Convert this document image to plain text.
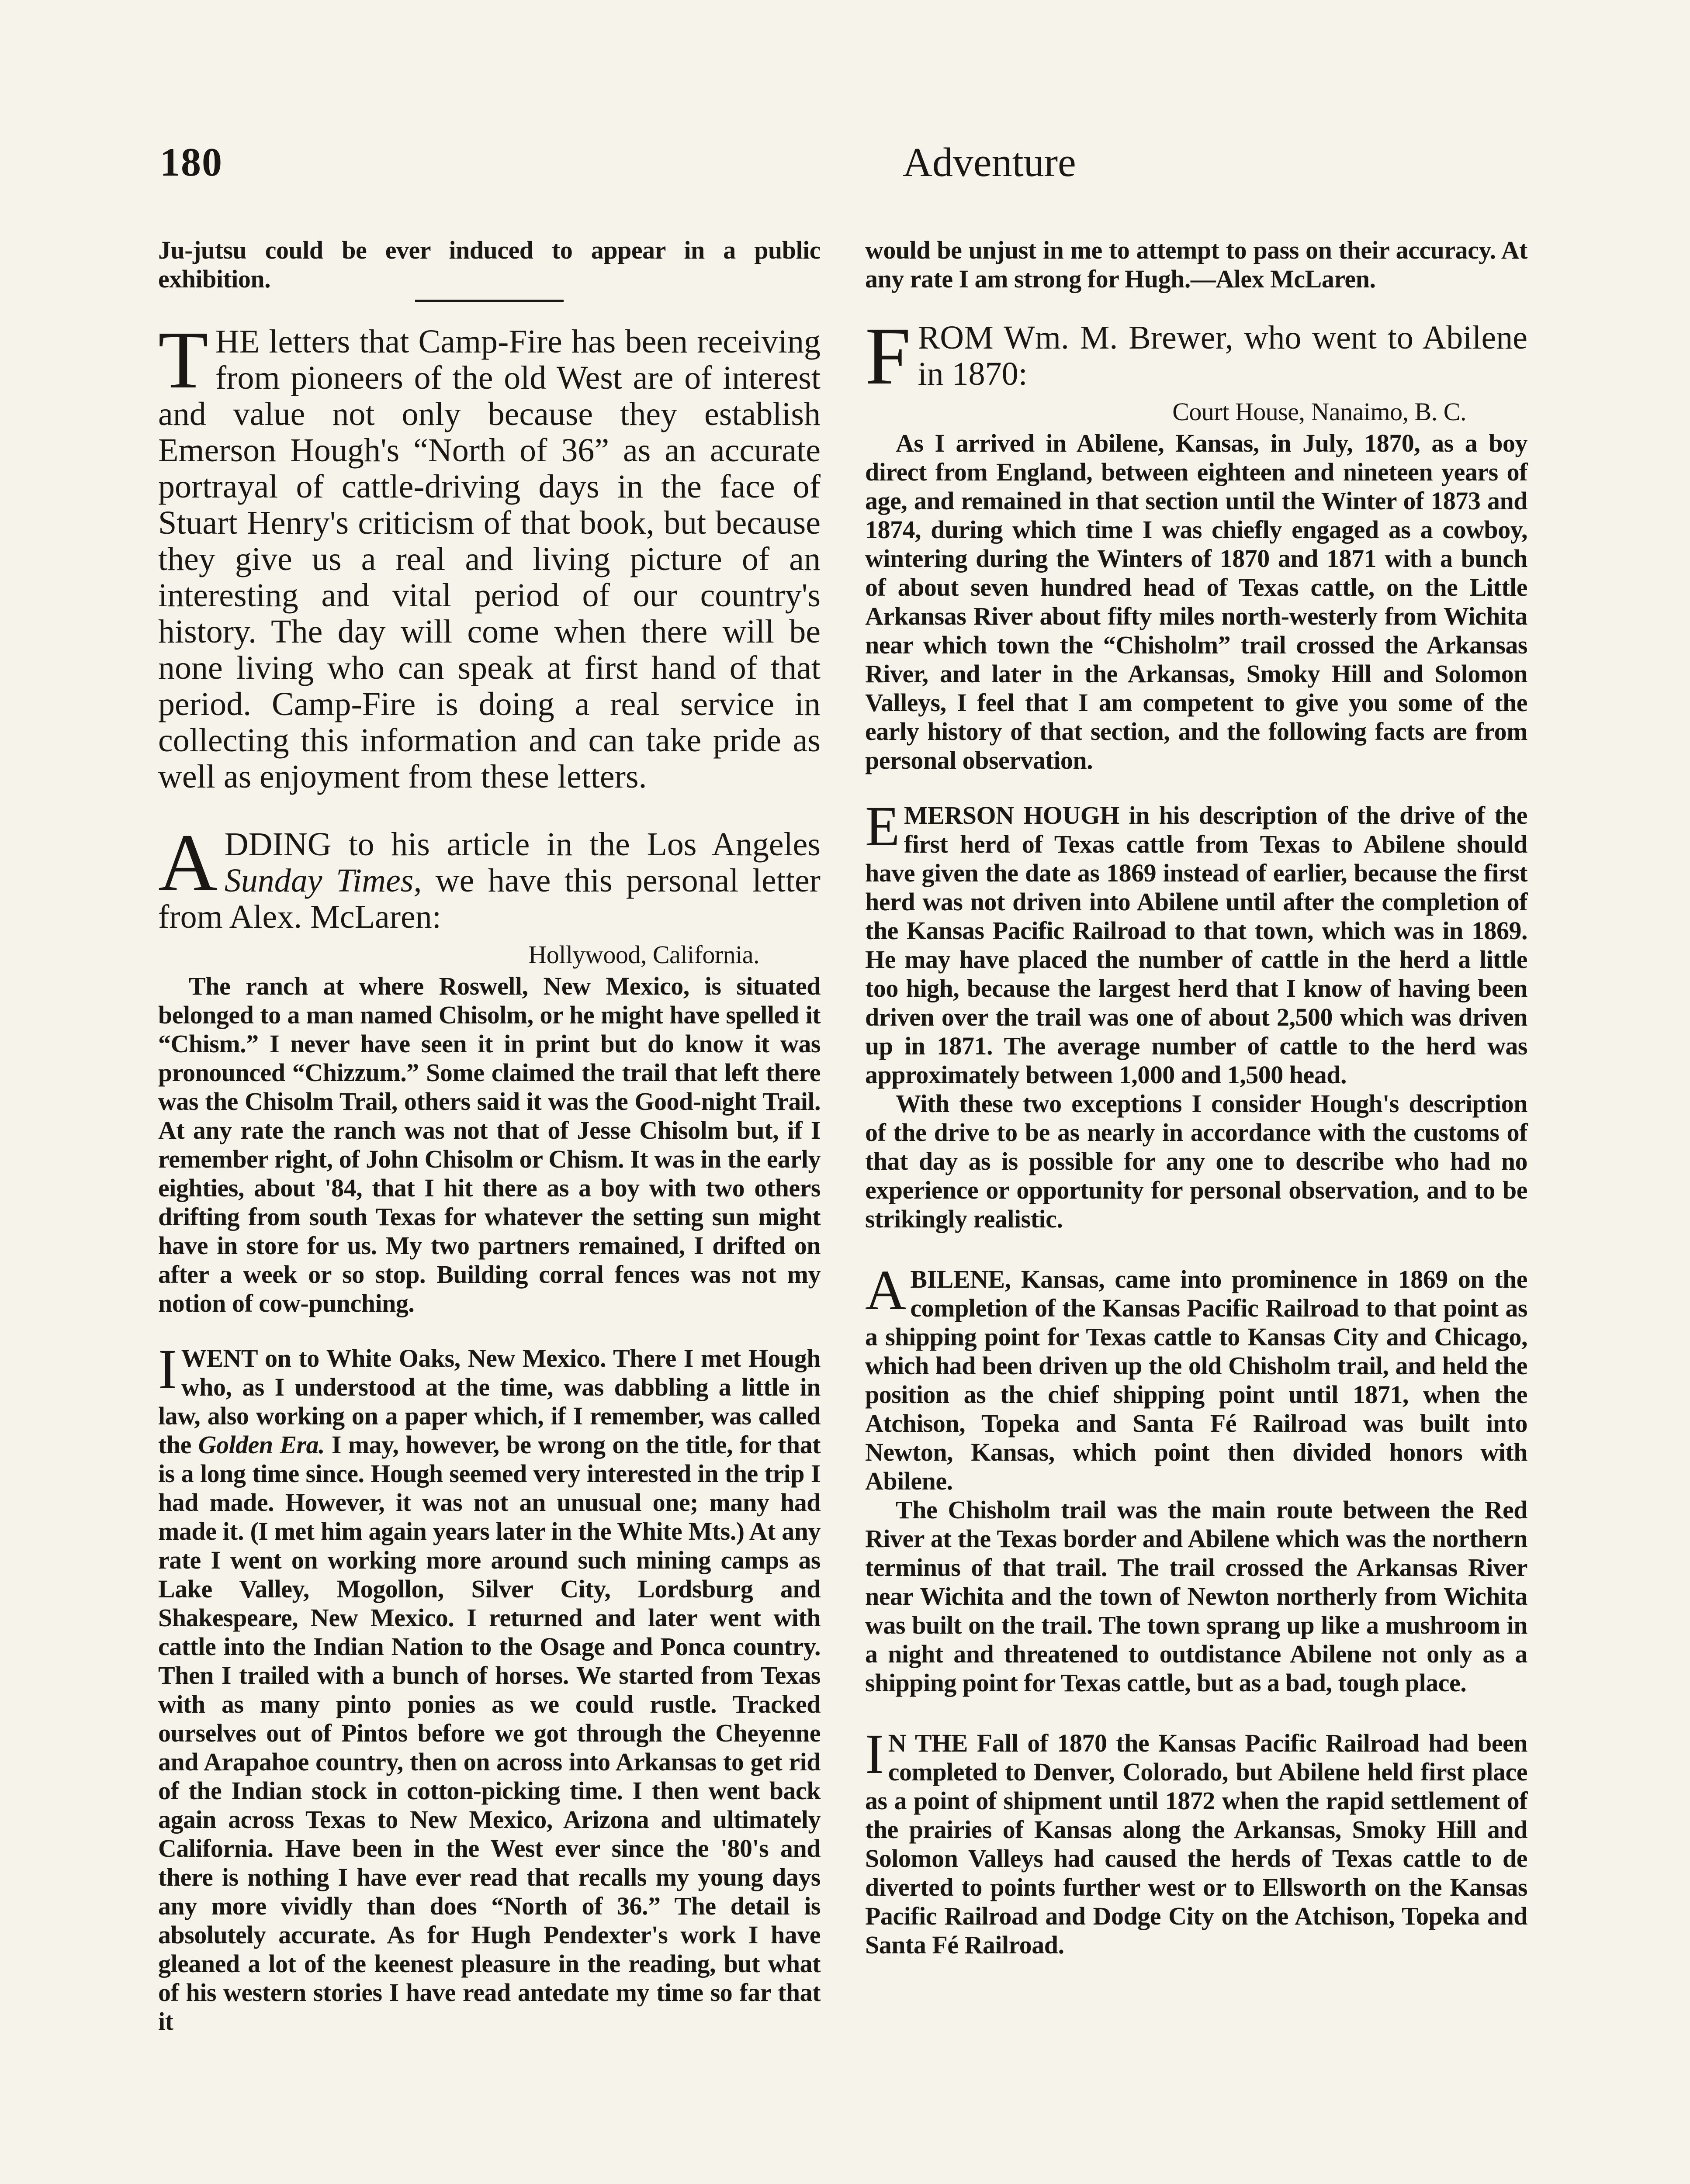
180	Adventure

Ju-jutsu could be ever induced to appear in a public exhibition.

THE letters that Camp-Fire has been receiving from pioneers of the old West are of interest and value not only because they establish Emerson Hough's “North of 36” as an accurate portrayal of cattle-driving days in the face of Stuart Henry's criticism of that book, but because they give us a real and living picture of an interesting and vital period of our country's history. The day will come when there will be none living who can speak at first hand of that period. Camp-Fire is doing a real service in collecting this information and can take pride as well as enjoyment from these letters.

ADDING to his article in the Los Angeles Sunday Times, we have this personal letter from Alex. McLaren:

Hollywood, California.

The ranch at where Roswell, New Mexico, is situated belonged to a man named Chisolm, or he might have spelled it “Chism.” I never have seen it in print but do know it was pronounced “Chizzum.” Some claimed the trail that left there was the Chisolm Trail, others said it was the Good-night Trail. At any rate the ranch was not that of Jesse Chisolm but, if I remember right, of John Chisolm or Chism. It was in the early eighties, about '84, that I hit there as a boy with two others drifting from south Texas for whatever the setting sun might have in store for us. My two partners remained, I drifted on after a week or so stop. Building corral fences was not my notion of cow-punching.

I WENT on to White Oaks, New Mexico. There I met Hough who, as I understood at the time, was dabbling a little in law, also working on a paper which, if I remember, was called the Golden Era. I may, however, be wrong on the title, for that is a long time since. Hough seemed very interested in the trip I had made. However, it was not an unusual one; many had made it. (I met him again years later in the White Mts.) At any rate I went on working more around such mining camps as Lake Valley, Mogollon, Silver City, Lordsburg and Shakespeare, New Mexico. I returned and later went with cattle into the Indian Nation to the Osage and Ponca country. Then I trailed with a bunch of horses. We started from Texas with as many pinto ponies as we could rustle. Tracked ourselves out of Pintos before we got through the Cheyenne and Arapahoe country, then on across into Arkansas to get rid of the Indian stock in cotton-picking time. I then went back again across Texas to New Mexico, Arizona and ultimately California. Have been in the West ever since the '80's and there is nothing I have ever read that recalls my young days any more vividly than does “North of 36.” The detail is absolutely accurate. As for Hugh Pendexter's work I have gleaned a lot of the keenest pleasure in the reading, but what of his western stories I have read antedate my time so far that it

would be unjust in me to attempt to pass on their accuracy. At any rate I am strong for Hugh.—Alex McLaren.

FROM Wm. M. Brewer, who went to Abilene in 1870:

Court House, Nanaimo, B. C.

As I arrived in Abilene, Kansas, in July, 1870, as a boy direct from England, between eighteen and nineteen years of age, and remained in that section until the Winter of 1873 and 1874, during which time I was chiefly engaged as a cowboy, wintering during the Winters of 1870 and 1871 with a bunch of about seven hundred head of Texas cattle, on the Little Arkansas River about fifty miles north-westerly from Wichita near which town the “Chisholm” trail crossed the Arkansas River, and later in the Arkansas, Smoky Hill and Solomon Valleys, I feel that I am competent to give you some of the early history of that section, and the following facts are from personal observation.

EMERSON HOUGH in his description of the drive of the first herd of Texas cattle from Texas to Abilene should have given the date as 1869 instead of earlier, because the first herd was not driven into Abilene until after the completion of the Kansas Pacific Railroad to that town, which was in 1869. He may have placed the number of cattle in the herd a little too high, because the largest herd that I know of having been driven over the trail was one of about 2,500 which was driven up in 1871. The average number of cattle to the herd was approximately between 1,000 and 1,500 head.

With these two exceptions I consider Hough's description of the drive to be as nearly in accordance with the customs of that day as is possible for any one to describe who had no experience or opportunity for personal observation, and to be strikingly realistic.

ABILENE, Kansas, came into prominence in 1869 on the completion of the Kansas Pacific Railroad to that point as a shipping point for Texas cattle to Kansas City and Chicago, which had been driven up the old Chisholm trail, and held the position as the chief shipping point until 1871, when the Atchison, Topeka and Santa Fé Railroad was built into Newton, Kansas, which point then divided honors with Abilene.

The Chisholm trail was the main route between the Red River at the Texas border and Abilene which was the northern terminus of that trail. The trail crossed the Arkansas River near Wichita and the town of Newton northerly from Wichita was built on the trail. The town sprang up like a mushroom in a night and threatened to outdistance Abilene not only as a shipping point for Texas cattle, but as a bad, tough place.

I N THE Fall of 1870 the Kansas Pacific Railroad had been completed to Denver, Colorado, but Abilene held first place as a point of shipment until 1872 when the rapid settlement of the prairies of Kansas along the Arkansas, Smoky Hill and Solomon Valleys had caused the herds of Texas cattle to de diverted to points further west or to Ellsworth on the Kansas Pacific Railroad and Dodge City on the Atchison, Topeka and Santa Fé Railroad.
